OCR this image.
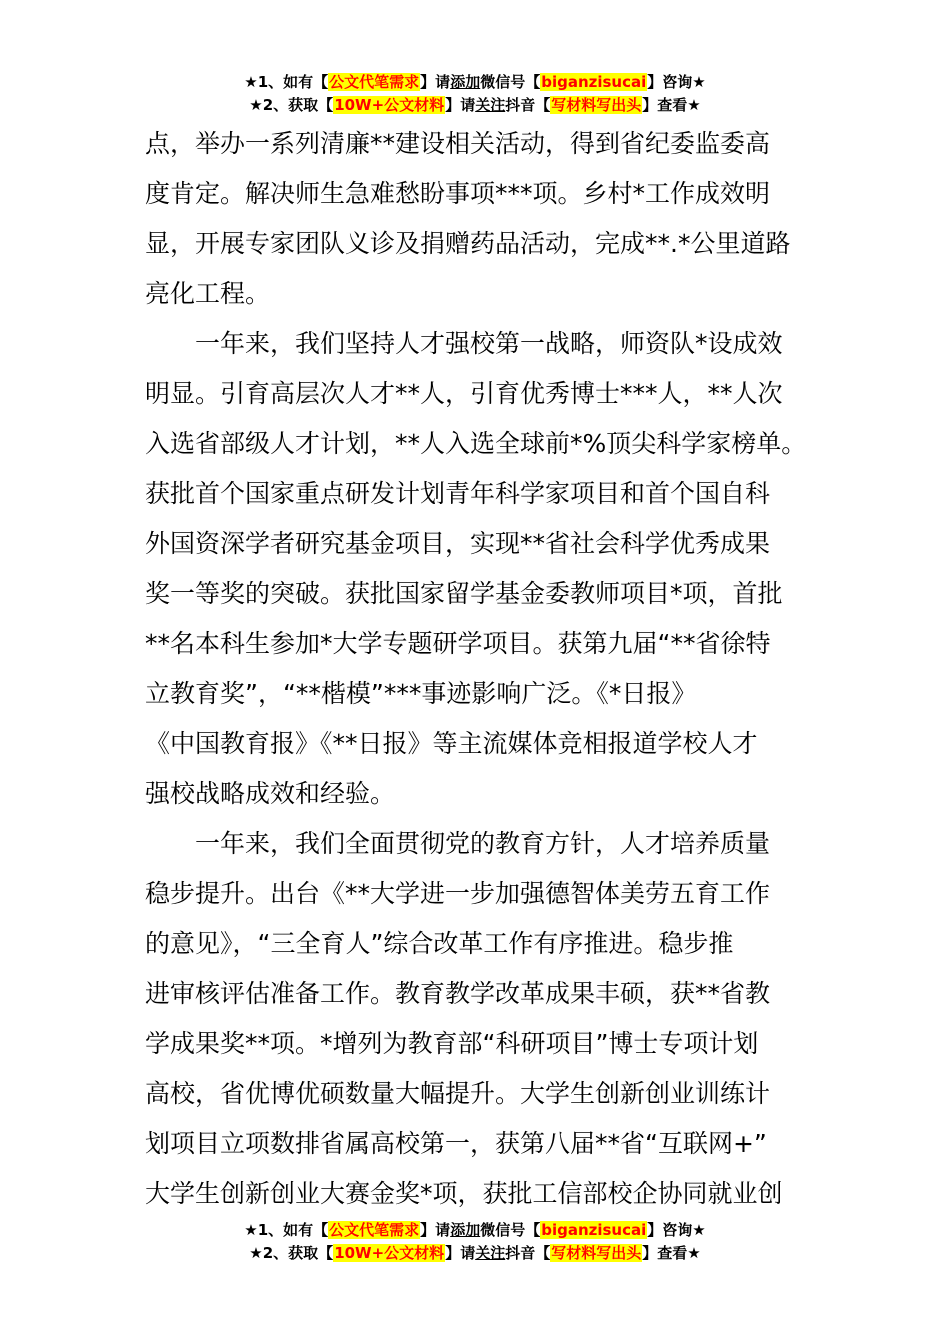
★1、如有【公文代笔需求】请添加微信号【biganzisucai】咨询★
★2、获取【10W+公文材料】请关注抖音【写材料写出头】查看★
点，举办一系列清廉**建设相关活动，得到省纪委监委高
度肯定。解决师生急难愁盼事项***项。乡村*工作成效明
显，开展专家团队义诊及捐赠药品活动，完成**.*公里道路
亮化工程。
一年来，我们坚持人才强校第一战略，师资队*设成效
明显。引育高层次人才**人，引育优秀博士***人，**人次
入选省部级人才计划，**人入选全球前*%顶尖科学家榜单。
获批首个国家重点研发计划青年科学家项目和首个国自科
外国资深学者研究基金项目，实现**省社会科学优秀成果
奖一等奖的突破。获批国家留学基金委教师项目*项，首批
**名本科生参加*大学专题研学项目。获第九届“**省徐特
立教育奖”，“**楷模”***事迹影响广泛。《*日报》
《中国教育报》《**日报》等主流媒体竞相报道学校人才
强校战略成效和经验。
一年来，我们全面贯彻党的教育方针，人才培养质量
稳步提升。出台《**大学进一步加强德智体美劳五育工作
的意见》，“三全育人”综合改革工作有序推进。稳步推
进审核评估准备工作。教育教学改革成果丰硕，获**省教
学成果奖**项。*增列为教育部“科研项目”博士专项计划
高校，省优博优硕数量大幅提升。大学生创新创业训练计
划项目立项数排省属高校第一，获第八届**省“互联网+”
大学生创新创业大赛金奖*项，获批工信部校企协同就业创
★1、如有【公文代笔需求】请添加微信号【biganzisucai】咨询★
★2、获取【10W+公文材料】请关注抖音【写材料写出头】查看★
